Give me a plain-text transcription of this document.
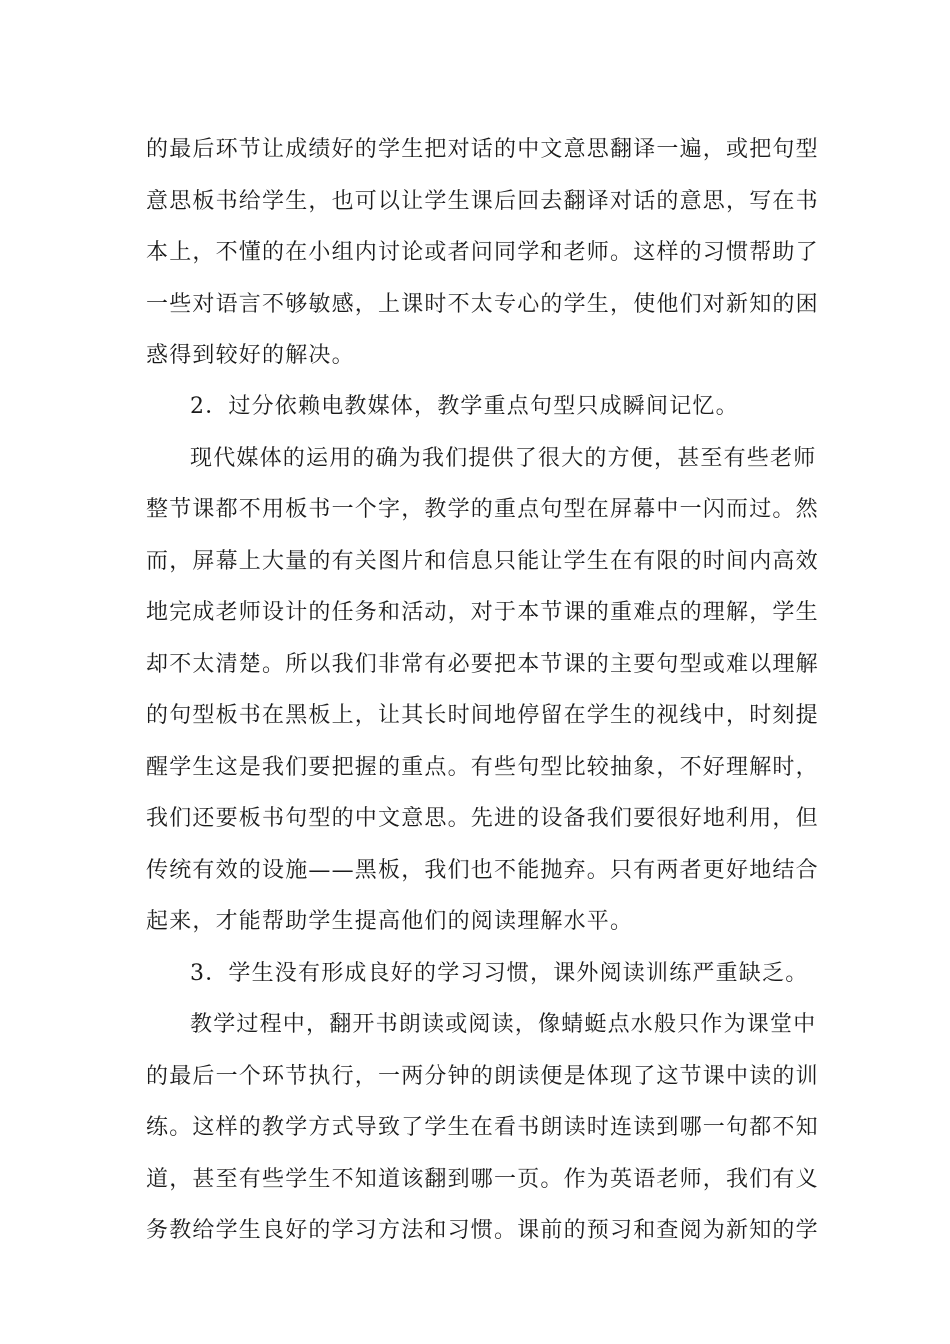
的最后环节让成绩好的学生把对话的中文意思翻译一遍，或把句型
意思板书给学生，也可以让学生课后回去翻译对话的意思，写在书
本上，不懂的在小组内讨论或者问同学和老师。这样的习惯帮助了
一些对语言不够敏感，上课时不太专心的学生，使他们对新知的困
惑得到较好的解决。
2．过分依赖电教媒体，教学重点句型只成瞬间记忆。
现代媒体的运用的确为我们提供了很大的方便，甚至有些老师
整节课都不用板书一个字，教学的重点句型在屏幕中一闪而过。然
而，屏幕上大量的有关图片和信息只能让学生在有限的时间内高效
地完成老师设计的任务和活动，对于本节课的重难点的理解，学生
却不太清楚。所以我们非常有必要把本节课的主要句型或难以理解
的句型板书在黑板上，让其长时间地停留在学生的视线中，时刻提
醒学生这是我们要把握的重点。有些句型比较抽象，不好理解时，
我们还要板书句型的中文意思。先进的设备我们要很好地利用，但
传统有效的设施——黑板，我们也不能抛弃。只有两者更好地结合
起来，才能帮助学生提高他们的阅读理解水平。
3．学生没有形成良好的学习习惯，课外阅读训练严重缺乏。
教学过程中，翻开书朗读或阅读，像蜻蜓点水般只作为课堂中
的最后一个环节执行，一两分钟的朗读便是体现了这节课中读的训
练。这样的教学方式导致了学生在看书朗读时连读到哪一句都不知
道，甚至有些学生不知道该翻到哪一页。作为英语老师，我们有义
务教给学生良好的学习方法和习惯。课前的预习和查阅为新知的学
